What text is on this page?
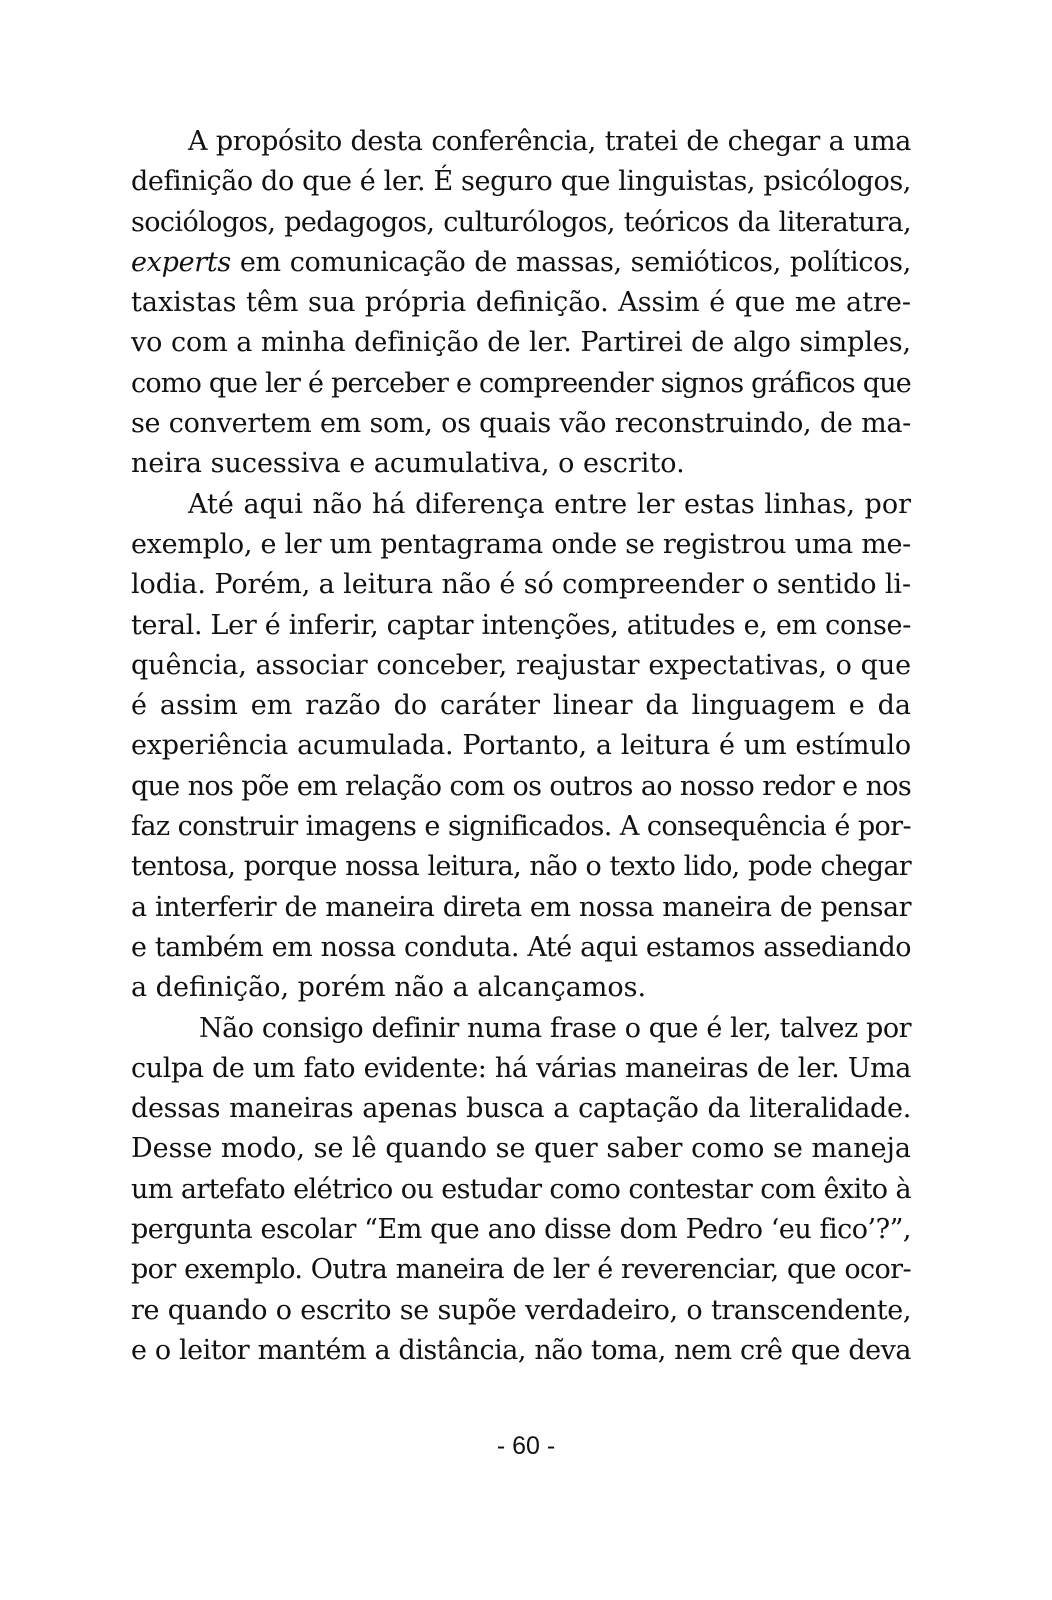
A propósito desta conferência, tratei de chegar a uma
definição do que é ler. É seguro que linguistas, psicólogos,
sociólogos, pedagogos, culturólogos, teóricos da literatura,
experts em comunicação de massas, semióticos, políticos,
taxistas têm sua própria definição. Assim é que me atre-
vo com a minha definição de ler. Partirei de algo simples,
como que ler é perceber e compreender signos gráficos que
se convertem em som, os quais vão reconstruindo, de ma-
neira sucessiva e acumulativa, o escrito.
Até aqui não há diferença entre ler estas linhas, por
exemplo, e ler um pentagrama onde se registrou uma me-
lodia. Porém, a leitura não é só compreender o sentido li-
teral. Ler é inferir, captar intenções, atitudes e, em conse-
quência, associar conceber, reajustar expectativas, o que
é assim em razão do caráter linear da linguagem e da
experiência acumulada. Portanto, a leitura é um estímulo
que nos põe em relação com os outros ao nosso redor e nos
faz construir imagens e significados. A consequência é por-
tentosa, porque nossa leitura, não o texto lido, pode chegar
a interferir de maneira direta em nossa maneira de pensar
e também em nossa conduta. Até aqui estamos assediando
a definição, porém não a alcançamos.
Não consigo definir numa frase o que é ler, talvez por
culpa de um fato evidente: há várias maneiras de ler. Uma
dessas maneiras apenas busca a captação da literalidade.
Desse modo, se lê quando se quer saber como se maneja
um artefato elétrico ou estudar como contestar com êxito à
pergunta escolar “Em que ano disse dom Pedro ‘eu fico’?”,
por exemplo. Outra maneira de ler é reverenciar, que ocor-
re quando o escrito se supõe verdadeiro, o transcendente,
e o leitor mantém a distância, não toma, nem crê que deva
- 60 -
